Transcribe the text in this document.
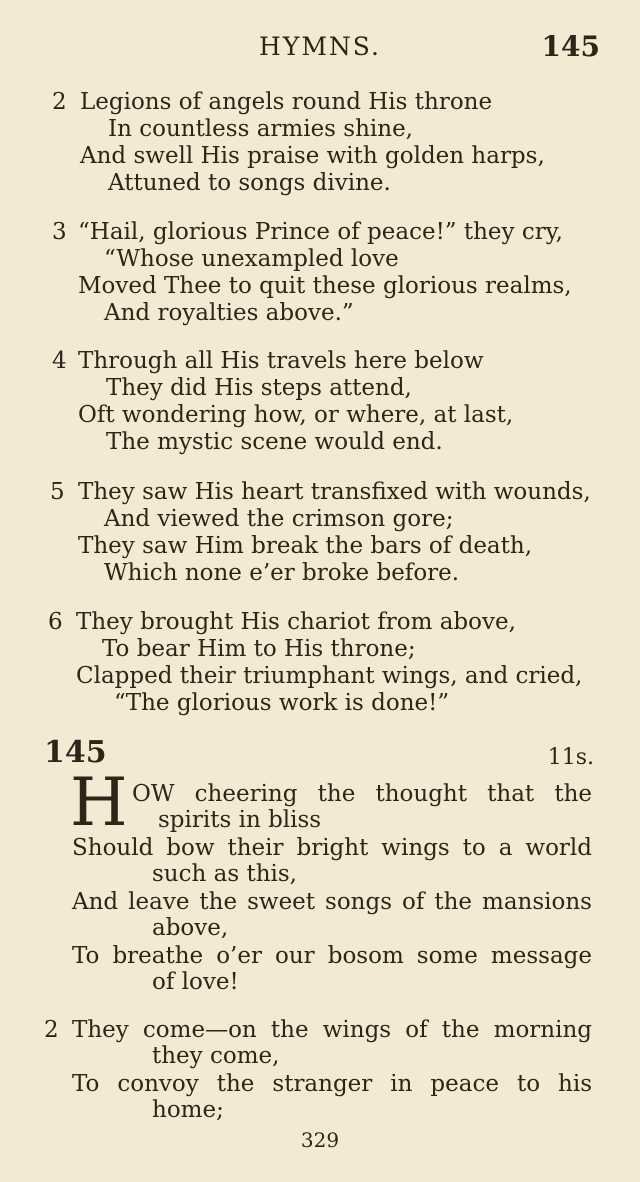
HYMNS.	145
2 Legions of angels round His throne
In countless armies shine,
And swell His praise with golden harps,
Attuned to songs divine.
3 “Hail, glorious Prince of peace!” they cry,
“Whose unexampled love
Moved Thee to quit these glorious realms,
And royalties above.”
4 Through all His travels here below
They did His steps attend,
Oft wondering how, or where, at last,
The mystic scene would end.
5 They saw His heart transfixed with wounds,
And viewed the crimson gore;
They saw Him break the bars of death,
Which none e’er broke before.
6 They brought His chariot from above,
To bear Him to His throne;
Clapped their triumphant wings, and cried,
“The glorious work is done!”
145	11s.
H OW cheering the thought that the
spirits in bliss
Should bow their bright wings to a world
such as this,
And leave the sweet songs of the mansions
above,
To breathe o’er our bosom some message
of love!
2 They come—on the wings of the morning
they come,
To convoy the stranger in peace to his
home;
329
